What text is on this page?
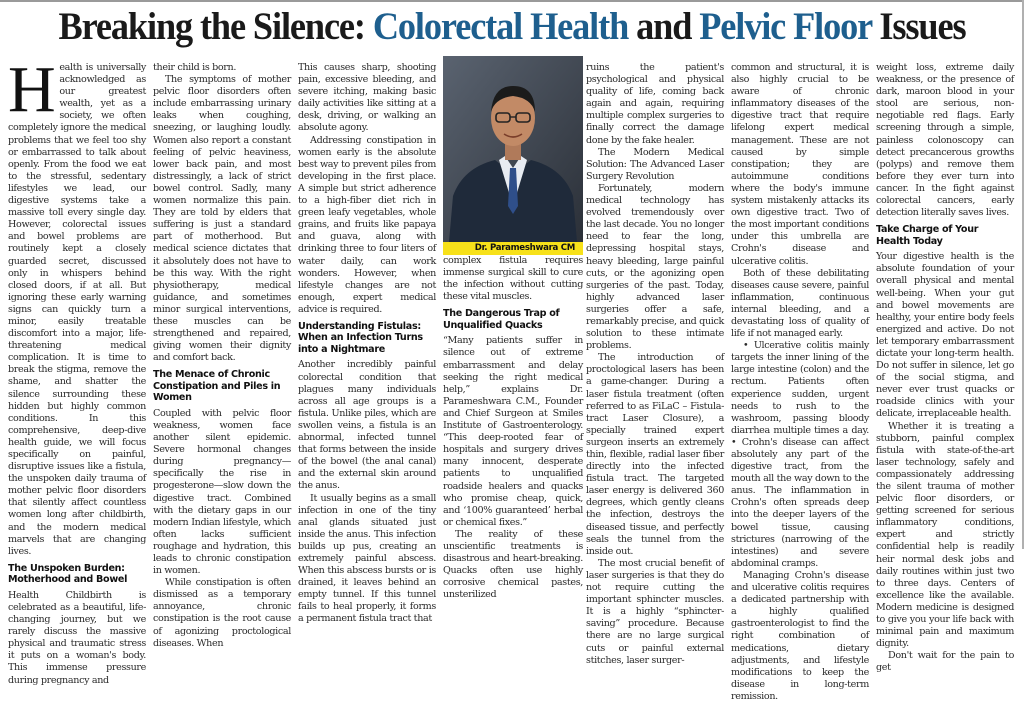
Breaking the Silence: Colorectal Health and Pelvic Floor Issues
H ealth is universally acknowledged as our greatest wealth, yet as a society, we often completely ignore the medical problems that we feel too shy or embarrassed to talk about openly. From the food we eat to the stressful, sedentary lifestyles we lead, our digestive systems take a massive toll every single day. However, colorectal issues and bowel problems are routinely kept a closely guarded secret, discussed only in whispers behind closed doors, if at all. But ignoring these early warning signs can quickly turn a minor, easily treatable discomfort into a major, life-threatening medical complication. It is time to break the stigma, remove the shame, and shatter the silence surrounding these hidden but highly common conditions. In this comprehensive, deep-dive health guide, we will focus specifically on painful, disruptive issues like a fistula, the unspoken daily trauma of mother pelvic floor disorders that silently affect countless women long after childbirth, and the modern medical marvels that are changing lives.

The Unspoken Burden: Motherhood and Bowel

Health Childbirth is celebrated as a beautiful, life-changing journey, but we rarely discuss the massive physical and traumatic stress it puts on a woman's body. This immense pressure during pregnancy and

their child is born.

The symptoms of mother pelvic floor disorders often include embarrassing urinary leaks when coughing, sneezing, or laughing loudly. Women also report a constant feeling of pelvic heaviness, lower back pain, and most distressingly, a lack of strict bowel control. Sadly, many women normalize this pain. They are told by elders that suffering is just a standard part of motherhood. But medical science dictates that it absolutely does not have to be this way. With the right physiotherapy, medical guidance, and sometimes minor surgical interventions, these muscles can be strengthened and repaired, giving women their dignity and comfort back.

The Menace of Chronic Constipation and Piles in Women

Coupled with pelvic floor weakness, women face another silent epidemic. Severe hormonal changes during pregnancy—specifically the rise in progesterone—slow down the digestive tract. Combined with the dietary gaps in our modern Indian lifestyle, which often lacks sufficient roughage and hydration, this leads to chronic constipation in women.

While constipation is often dismissed as a temporary annoyance, chronic constipation is the root cause of agonizing proctological diseases. When

This causes sharp, shooting pain, excessive bleeding, and severe itching, making basic daily activities like sitting at a desk, driving, or walking an absolute agony.

Addressing constipation in women early is the absolute best way to prevent piles from developing in the first place. A simple but strict adherence to a high-fiber diet rich in green leafy vegetables, whole grains, and fruits like papaya and guava, along with drinking three to four liters of water daily, can work wonders. However, when lifestyle changes are not enough, expert medical advice is required.

Understanding Fistulas: When an Infection Turns into a Nightmare

Another incredibly painful colorectal condition that plagues many individuals across all age groups is a fistula. Unlike piles, which are swollen veins, a fistula is an abnormal, infected tunnel that forms between the inside of the bowel (the anal canal) and the external skin around the anus.

It usually begins as a small infection in one of the tiny anal glands situated just inside the anus. This infection builds up pus, creating an extremely painful abscess. When this abscess bursts or is drained, it leaves behind an empty tunnel. If this tunnel fails to heal properly, it forms a permanent fistula tract that

Dr. Parameshwara CM

complex fistula requires immense surgical skill to cure the infection without cutting these vital muscles.

The Dangerous Trap of Unqualified Quacks

“Many patients suffer in silence out of extreme embarrassment and delay seeking the right medical help,” explains Dr. Parameshwara C.M., Founder and Chief Surgeon at Smiles Institute of Gastroenterology. “This deep-rooted fear of hospitals and surgery drives many innocent, desperate patients to unqualified roadside healers and quacks who promise cheap, quick, and ‘100% guaranteed’ herbal or chemical fixes.”

The reality of these unscientific treatments is disastrous and heart-breaking. Quacks often use highly corrosive chemical pastes, unsterilized

ruins the patient's psychological and physical quality of life, coming back again and again, requiring multiple complex surgeries to finally correct the damage done by the fake healer.

The Modern Medical Solution: The Advanced Laser Surgery Revolution

Fortunately, modern medical technology has evolved tremendously over the last decade. You no longer need to fear the long, depressing hospital stays, heavy bleeding, large painful cuts, or the agonizing open surgeries of the past. Today, highly advanced laser surgeries offer a safe, remarkably precise, and quick solution to these intimate problems.

The introduction of proctological lasers has been a game-changer. During a laser fistula treatment (often referred to as FiLaC – Fistula-tract Laser Closure), a specially trained expert surgeon inserts an extremely thin, flexible, radial laser fiber directly into the infected fistula tract. The targeted laser energy is delivered 360 degrees, which gently cleans the infection, destroys the diseased tissue, and perfectly seals the tunnel from the inside out.

The most crucial benefit of laser surgeries is that they do not require cutting the important sphincter muscles. It is a highly “sphincter-saving” procedure. Because there are no large surgical cuts or painful external stitches, laser surger-

common and structural, it is also highly crucial to be aware of chronic inflammatory diseases of the digestive tract that require lifelong expert medical management. These are not caused by simple constipation; they are autoimmune conditions where the body's immune system mistakenly attacks its own digestive tract. Two of the most important conditions under this umbrella are Crohn's disease and ulcerative colitis.

Both of these debilitating diseases cause severe, painful inflammation, continuous internal bleeding, and a devastating loss of quality of life if not managed early.

• Ulcerative colitis mainly targets the inner lining of the large intestine (colon) and the rectum. Patients often experience sudden, urgent needs to rush to the washroom, passing bloody diarrhea multiple times a day. • Crohn's disease can affect absolutely any part of the digestive tract, from the mouth all the way down to the anus. The inflammation in Crohn's often spreads deep into the deeper layers of the bowel tissue, causing strictures (narrowing of the intestines) and severe abdominal cramps.

Managing Crohn's disease and ulcerative colitis requires a dedicated partnership with a highly qualified gastroenterologist to find the right combination of medications, dietary adjustments, and lifestyle modifications to keep the disease in long-term remission.

weight loss, extreme daily weakness, or the presence of dark, maroon blood in your stool are serious, non-negotiable red flags. Early screening through a simple, painless colonoscopy can detect precancerous growths (polyps) and remove them before they ever turn into cancer. In the fight against colorectal cancers, early detection literally saves lives.

Take Charge of Your Health Today

Your digestive health is the absolute foundation of your overall physical and mental well-being. When your gut and bowel movements are healthy, your entire body feels energized and active. Do not let temporary embarrassment dictate your long-term health. Do not suffer in silence, let go of the social stigma, and never ever trust quacks or roadside clinics with your delicate, irreplaceable health.

Whether it is treating a stubborn, painful complex fistula with state-of-the-art laser technology, safely and compassionately addressing the silent trauma of mother pelvic floor disorders, or getting screened for serious inflammatory conditions, expert and strictly confidential help is readily heir normal desk jobs and daily routines within just two to three days. Centers of excellence like the available. Modern medicine is designed to give you your life back with minimal pain and maximum dignity.

Don't wait for the pain to get
